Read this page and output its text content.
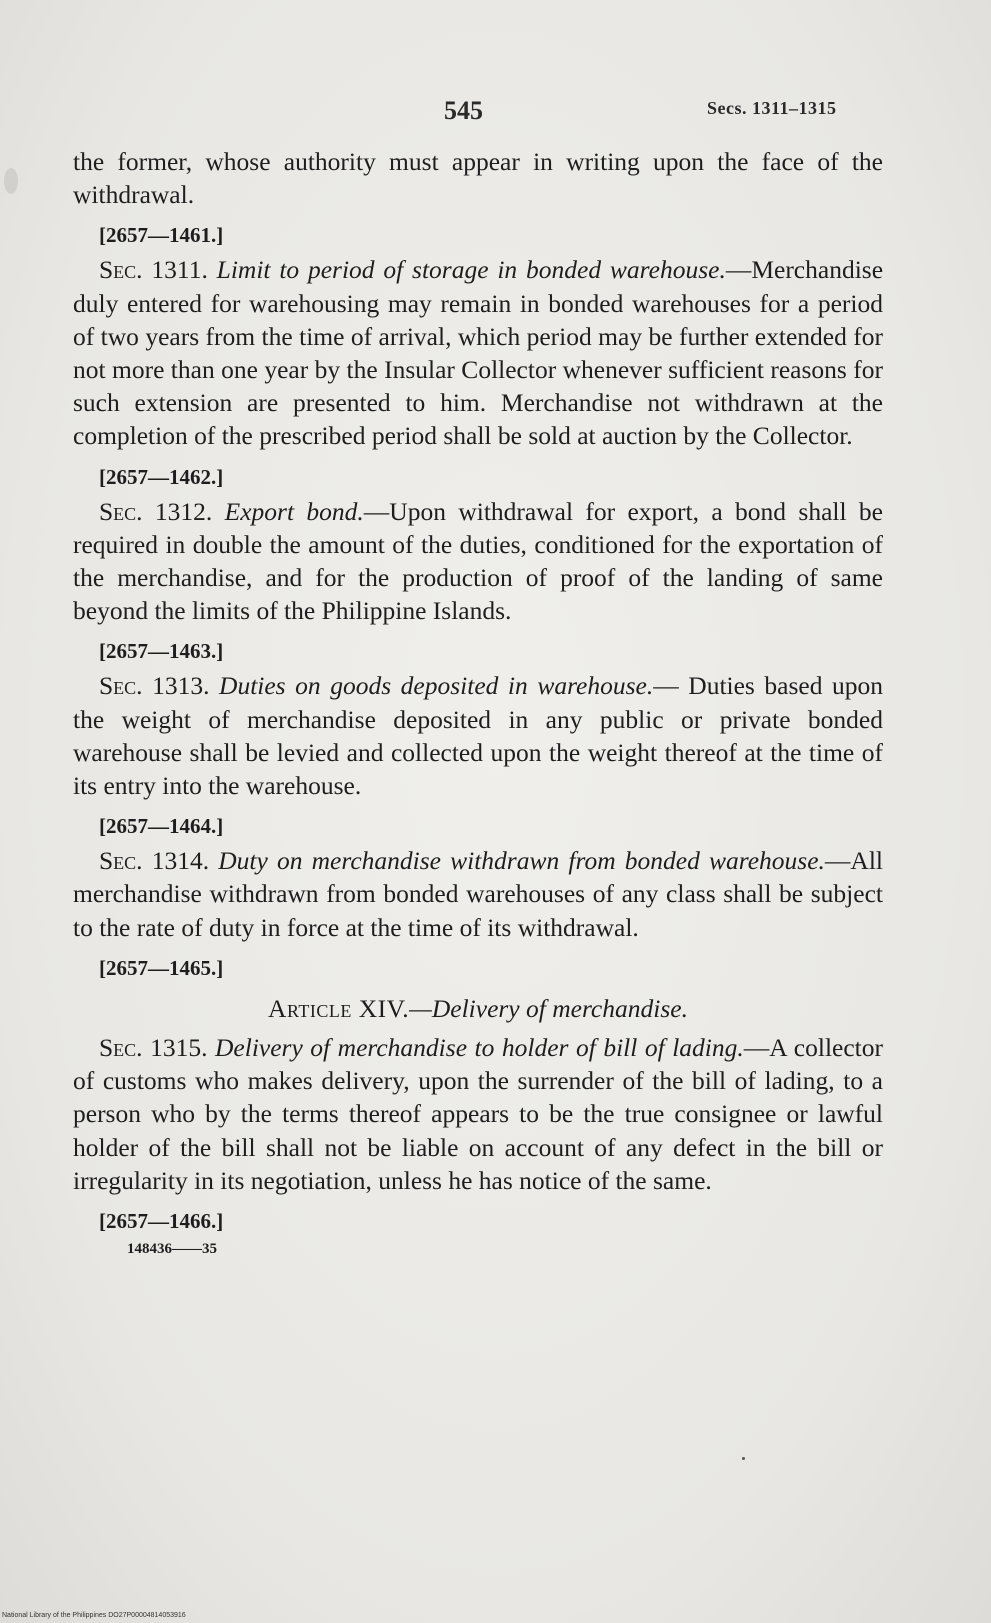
545	Secs. 1311–1315

the former, whose authority must appear in writing upon the face of the withdrawal.

[2657—1461.]

Sec. 1311. Limit to period of storage in bonded warehouse.—Merchandise duly entered for warehousing may remain in bonded warehouses for a period of two years from the time of arrival, which period may be further extended for not more than one year by the Insular Collector whenever sufficient reasons for such extension are presented to him. Merchandise not withdrawn at the completion of the prescribed period shall be sold at auction by the Collector.

[2657—1462.]

Sec. 1312. Export bond.—Upon withdrawal for export, a bond shall be required in double the amount of the duties, conditioned for the exportation of the merchandise, and for the production of proof of the landing of same beyond the limits of the Philippine Islands.

[2657—1463.]

Sec. 1313. Duties on goods deposited in warehouse.— Duties based upon the weight of merchandise deposited in any public or private bonded warehouse shall be levied and collected upon the weight thereof at the time of its entry into the warehouse.

[2657—1464.]

Sec. 1314. Duty on merchandise withdrawn from bonded warehouse.—All merchandise withdrawn from bonded warehouses of any class shall be subject to the rate of duty in force at the time of its withdrawal.

[2657—1465.]

Article XIV.—Delivery of merchandise.

Sec. 1315. Delivery of merchandise to holder of bill of lading.—A collector of customs who makes delivery, upon the surrender of the bill of lading, to a person who by the terms thereof appears to be the true consignee or lawful holder of the bill shall not be liable on account of any defect in the bill or irregularity in its negotiation, unless he has notice of the same.

[2657—1466.]

148436——35

National Library of the Philippines DO27P00004814053916
